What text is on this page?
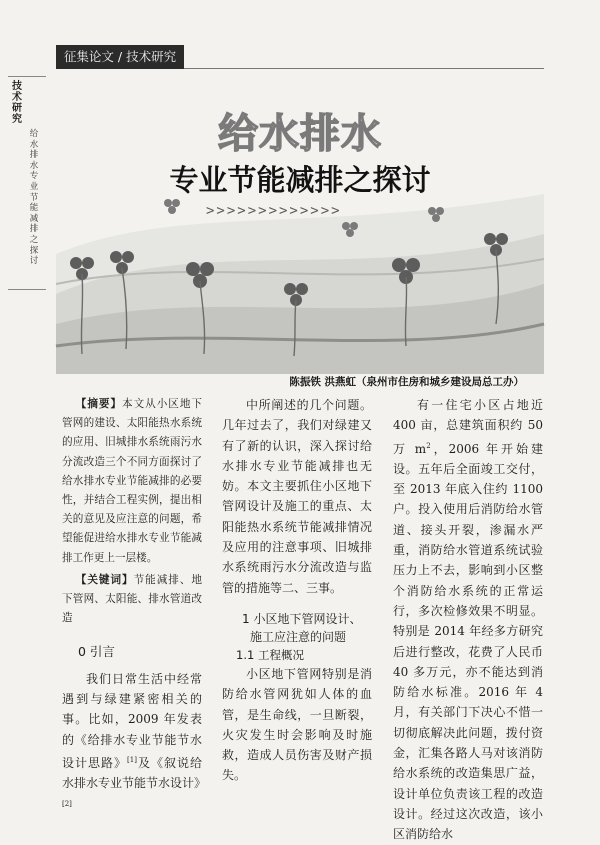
征集论文 / 技术研究
技术研究
给水排水专业节能减排之探讨
给水排水
专业节能减排之探讨
>>>>>>>>>>>>>
陈振铁 洪燕虹（泉州市住房和城乡建设局总工办）

【摘要】本文从小区地下管网的建设、太阳能热水系统的应用、旧城排水系统雨污水分流改造三个不同方面探讨了给水排水专业节能减排的必要性，并结合工程实例，提出相关的意见及应注意的问题，希望能促进给水排水专业节能减排工作更上一层楼。

【关键词】节能减排、地下管网、太阳能、排水管道改造

0 引言

我们日常生活中经常遇到与绿建紧密相关的事。比如，2009 年发表的《给排水专业节能节水设计思路》[1]及《叙说给水排水专业节能节水设计》[2]

中所阐述的几个问题。几年过去了，我们对绿建又有了新的认识，深入探讨给水排水专业节能减排也无妨。本文主要抓住小区地下管网设计及施工的重点、太阳能热水系统节能减排情况及应用的注意事项、旧城排水系统雨污水分流改造与监管的措施等二、三事。

1 小区地下管网设计、施工应注意的问题
1.1 工程概况

小区地下管网特别是消防给水管网犹如人体的血管，是生命线，一旦断裂，火灾发生时会影响及时施救，造成人员伤害及财产损失。

有一住宅小区占地近 400 亩，总建筑面积约 50 万 $m^2$，2006 年开始建设。五年后全面竣工交付，至 2013 年底入住约 1100 户。投入使用后消防给水管道、接头开裂，渗漏水严重，消防给水管道系统试验压力上不去，影响到小区整个消防给水系统的正常运行，多次检修效果不明显。特别是 2014 年经多方研究后进行整改，花费了人民币 40 多万元，亦不能达到消防给水标准。2016 年 4 月，有关部门下决心不惜一切彻底解决此问题，拨付资金，汇集各路人马对该消防给水系统的改造集思广益，设计单位负责该工程的改造设计。经过这次改造，该小区消防给水
